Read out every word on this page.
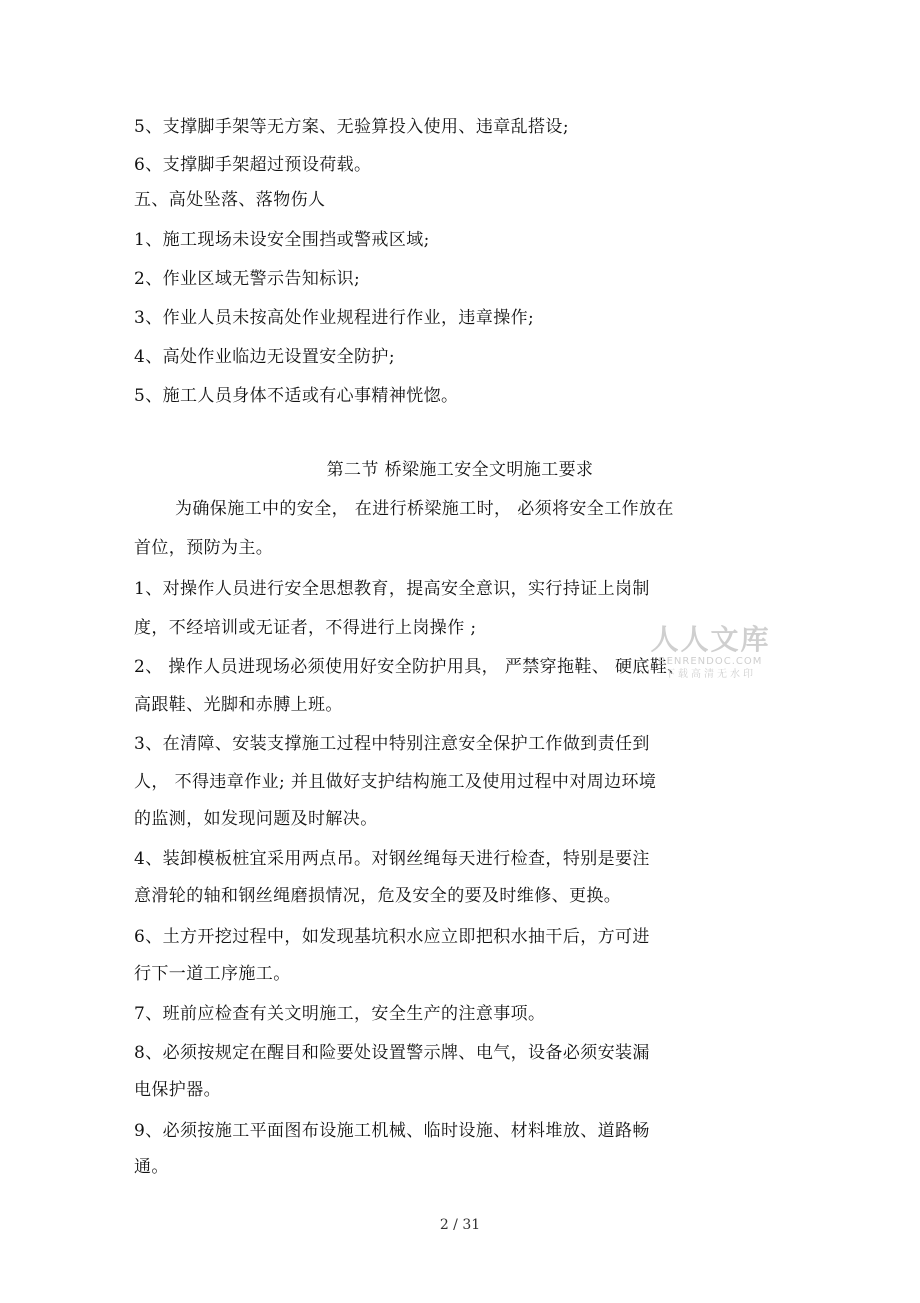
5、支撑脚手架等无方案、无验算投入使用、违章乱搭设;
6、支撑脚手架超过预设荷载。
五、高处坠落、落物伤人
1、施工现场未设安全围挡或警戒区域;
2、作业区域无警示告知标识;
3、作业人员未按高处作业规程进行作业，违章操作;
4、高处作业临边无设置安全防护;
5、施工人员身体不适或有心事精神恍惚。
第二节 桥梁施工安全文明施工要求
为确保施工中的安全， 在进行桥梁施工时， 必须将安全工作放在
首位，预防为主。
1、对操作人员进行安全思想教育，提高安全意识，实行持证上岗制
度，不经培训或无证者，不得进行上岗操作 ;
2、 操作人员进现场必须使用好安全防护用具， 严禁穿拖鞋、 硬底鞋、
高跟鞋、光脚和赤膊上班。
3、在清障、安装支撑施工过程中特别注意安全保护工作做到责任到
人， 不得违章作业; 并且做好支护结构施工及使用过程中对周边环境
的监测，如发现问题及时解决。
4、装卸模板桩宜采用两点吊。对钢丝绳每天进行检查，特别是要注
意滑轮的轴和钢丝绳磨损情况，危及安全的要及时维修、更换。
6、土方开挖过程中，如发现基坑积水应立即把积水抽干后，方可进
行下一道工序施工。
7、班前应检查有关文明施工，安全生产的注意事项。
8、必须按规定在醒目和险要处设置警示牌、电气，设备必须安装漏
电保护器。
9、必须按施工平面图布设施工机械、临时设施、材料堆放、道路畅
通。
人人文库
RENRENDOC.COM
下载高清无水印
2 / 31
